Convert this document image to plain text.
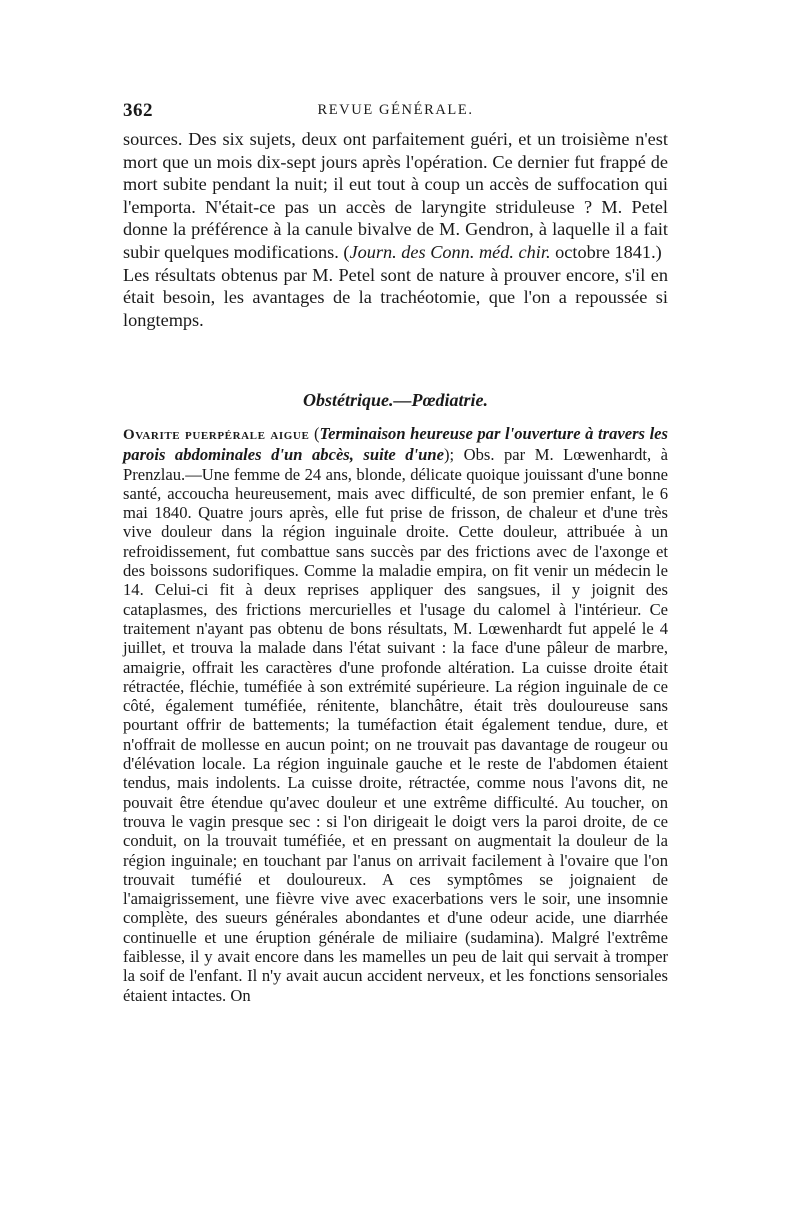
362	REVUE GÉNÉRALE.

sources. Des six sujets, deux ont parfaitement guéri, et un troisième n'est mort que un mois dix-sept jours après l'opération. Ce dernier fut frappé de mort subite pendant la nuit; il eut tout à coup un accès de suffocation qui l'emporta. N'était-ce pas un accès de laryngite striduleuse ? M. Petel donne la préférence à la canule bivalve de M. Gendron, à laquelle il a fait subir quelques modifications. (Journ. des Conn. méd. chir. octobre 1841.)

Les résultats obtenus par M. Petel sont de nature à prouver encore, s'il en était besoin, les avantages de la trachéotomie, que l'on a repoussée si longtemps.

Obstétrique.—Pœdiatrie.

Ovarite puerpérale aigue (Terminaison heureuse par l'ouverture à travers les parois abdominales d'un abcès, suite d'une); Obs. par M. Lœwenhardt, à Prenzlau.—Une femme de 24 ans, blonde, délicate quoique jouissant d'une bonne santé, accoucha heureusement, mais avec difficulté, de son premier enfant, le 6 mai 1840. Quatre jours après, elle fut prise de frisson, de chaleur et d'une très vive douleur dans la région inguinale droite. Cette douleur, attribuée à un refroidissement, fut combattue sans succès par des frictions avec de l'axonge et des boissons sudorifiques. Comme la maladie empira, on fit venir un médecin le 14. Celui-ci fit à deux reprises appliquer des sangsues, il y joignit des cataplasmes, des frictions mercurielles et l'usage du calomel à l'intérieur. Ce traitement n'ayant pas obtenu de bons résultats, M. Lœwenhardt fut appelé le 4 juillet, et trouva la malade dans l'état suivant : la face d'une pâleur de marbre, amaigrie, offrait les caractères d'une profonde altération. La cuisse droite était rétractée, fléchie, tuméfiée à son extrémité supérieure. La région inguinale de ce côté, également tuméfiée, rénitente, blanchâtre, était très douloureuse sans pourtant offrir de battements; la tuméfaction était également tendue, dure, et n'offrait de mollesse en aucun point; on ne trouvait pas davantage de rougeur ou d'élévation locale. La région inguinale gauche et le reste de l'abdomen étaient tendus, mais indolents. La cuisse droite, rétractée, comme nous l'avons dit, ne pouvait être étendue qu'avec douleur et une extrême difficulté. Au toucher, on trouva le vagin presque sec : si l'on dirigeait le doigt vers la paroi droite, de ce conduit, on la trouvait tuméfiée, et en pressant on augmentait la douleur de la région inguinale; en touchant par l'anus on arrivait facilement à l'ovaire que l'on trouvait tuméfié et douloureux. A ces symptômes se joignaient de l'amaigrissement, une fièvre vive avec exacerbations vers le soir, une insomnie complète, des sueurs générales abondantes et d'une odeur acide, une diarrhée continuelle et une éruption générale de miliaire (sudamina). Malgré l'extrême faiblesse, il y avait encore dans les mamelles un peu de lait qui servait à tromper la soif de l'enfant. Il n'y avait aucun accident nerveux, et les fonctions sensoriales étaient intactes. On
